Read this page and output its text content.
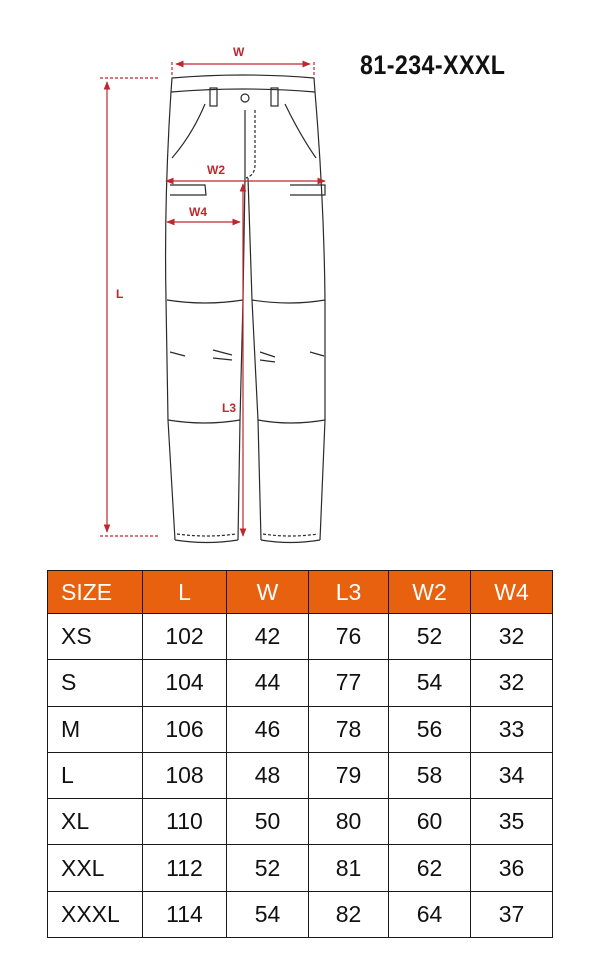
81-234-XXXL
W
W2
W4
L
L3
SIZE	L	W	L3	W2	W4
XS	102	42	76	52	32
S	104	44	77	54	32
M	106	46	78	56	33
L	108	48	79	58	34
XL	110	50	80	60	35
XXL	112	52	81	62	36
XXXL	114	54	82	64	37
